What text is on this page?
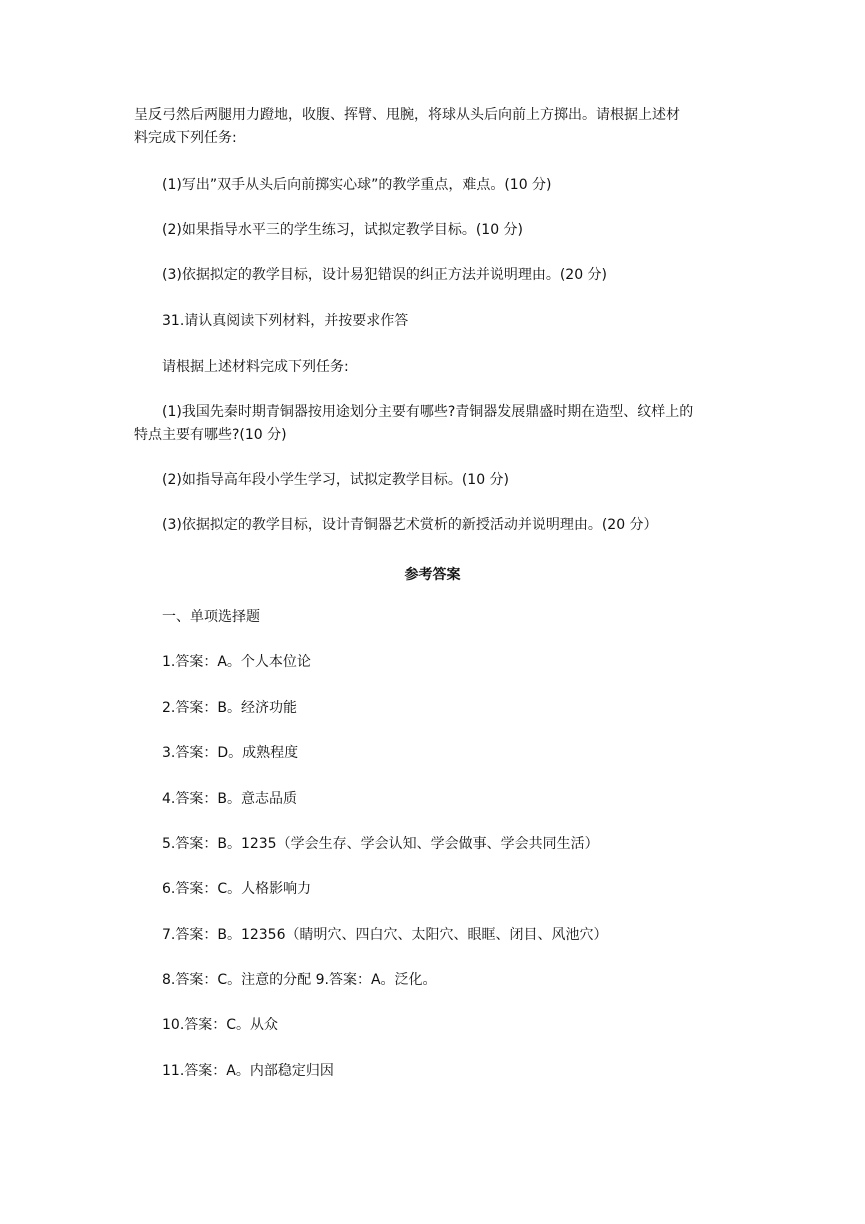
呈反弓然后两腿用力蹬地，收腹、挥臂、甩腕，将球从头后向前上方掷出。请根据上述材
料完成下列任务:
(1)写出”双手从头后向前掷实心球”的教学重点，难点。(10 分)
(2)如果指导水平三的学生练习，试拟定教学目标。(10 分)
(3)依据拟定的教学目标，设计易犯错误的纠正方法并说明理由。(20 分)
31.请认真阅读下列材料，并按要求作答
请根据上述材料完成下列任务:
(1)我国先秦时期青铜器按用途划分主要有哪些?青铜器发展鼎盛时期在造型、纹样上的
特点主要有哪些?(10 分)
(2)如指导高年段小学生学习，试拟定教学目标。(10 分)
(3)依据拟定的教学目标，设计青铜器艺术赏析的新授活动并说明理由。(20 分）
参考答案
一、单项选择题
1.答案：A。个人本位论
2.答案：B。经济功能
3.答案：D。成熟程度
4.答案：B。意志品质
5.答案：B。1235（学会生存、学会认知、学会做事、学会共同生活）
6.答案：C。人格影响力
7.答案：B。12356（睛明穴、四白穴、太阳穴、眼眶、闭目、风池穴）
8.答案：C。注意的分配 9.答案：A。泛化。
10.答案：C。从众
11.答案：A。内部稳定归因
